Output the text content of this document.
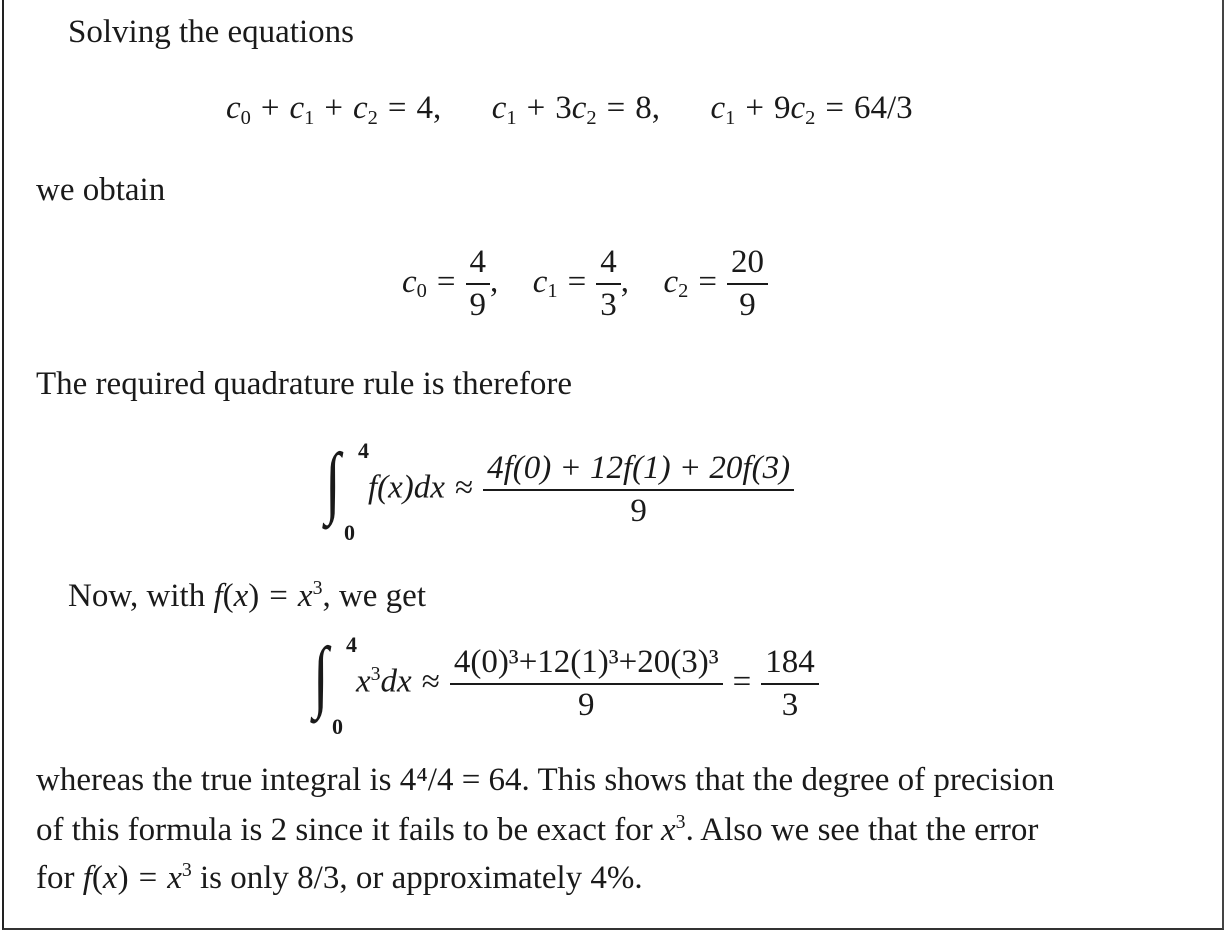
Solving the equations
c0 + c1 + c2 = 4, c1 + 3c2 = 8, c1 + 9c2 = 64/3
we obtain
$c0 = \frac{4}{9}$ ,  $c1 = \frac{4}{3}$ ,  $c2 = \frac{20}{9}$
The required quadrature rule is therefore
∫ 4
0
$f(x)dx \approx \frac{4f(0) + 12f(1) + 20f(3)}{9}$
Now, with $f(x) = x^3$, we get
∫ 4
0
$x^3dx \approx \frac{\text{4(0)³+12(1)³+20(3)³}}{9} = \frac{184}{3}$
whereas the true integral is 4⁴/4 = 64. This shows that the degree of precision
of this formula is 2 since it fails to be exact for $x^3$. Also we see that the error
for $f(x) = x^3$ is only 8/3, or approximately 4%.
